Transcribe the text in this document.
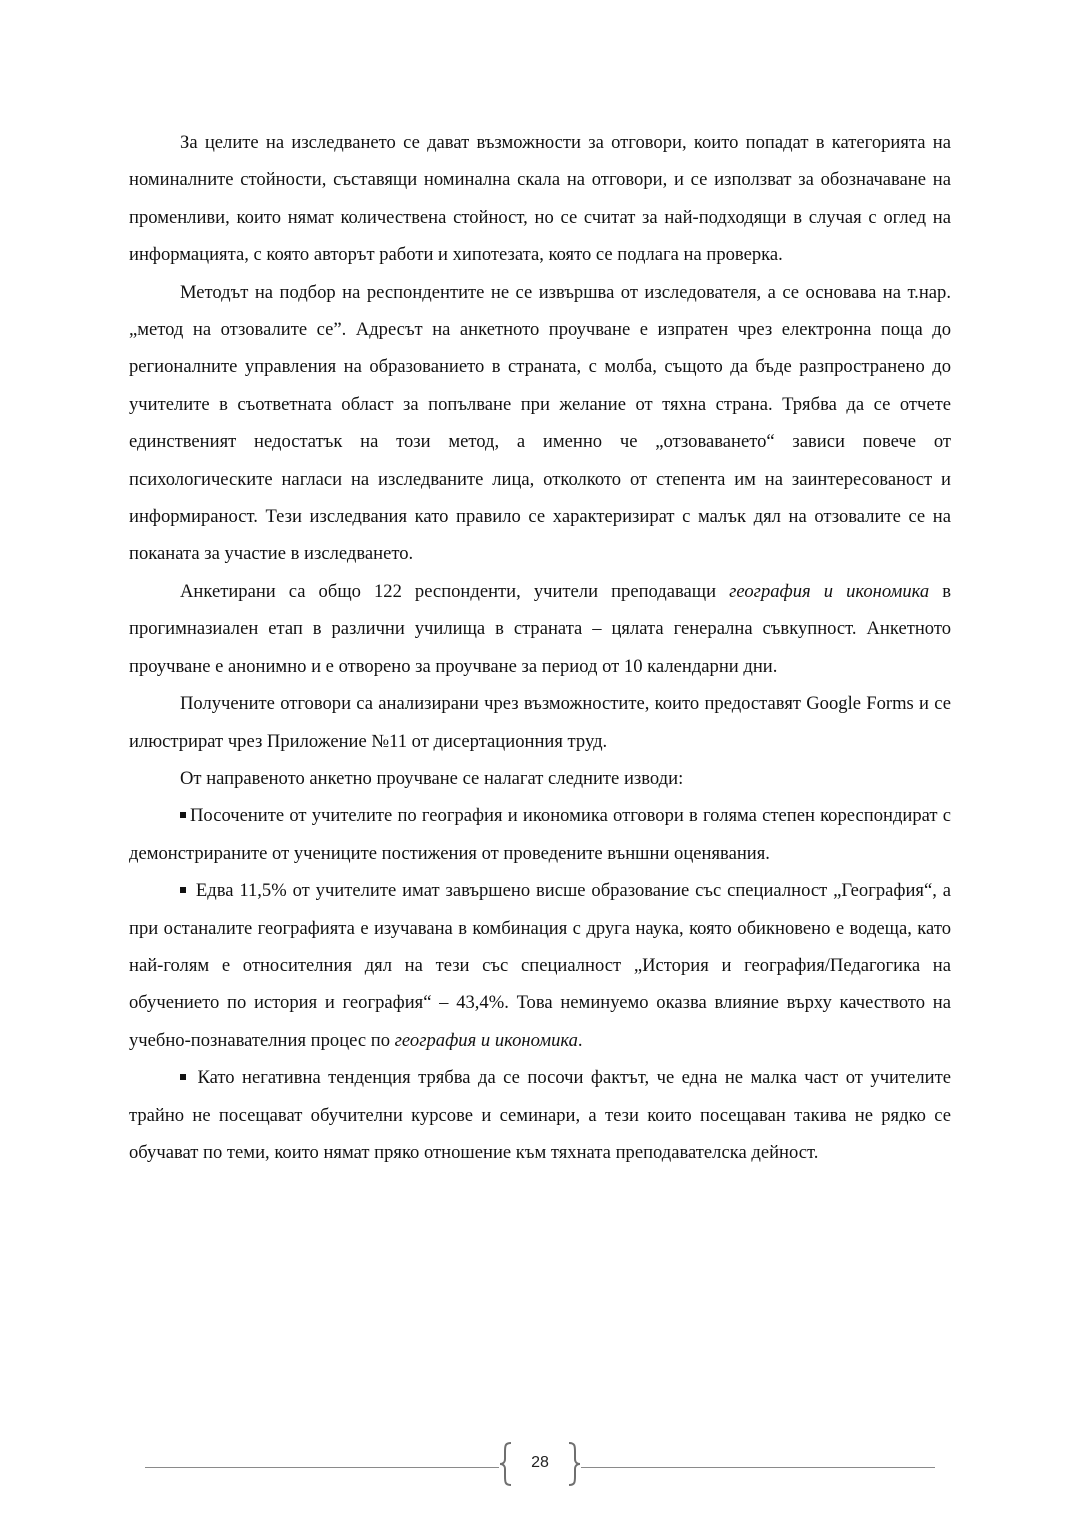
За целите на изследването се дават възможности за отговори, които попадат в категорията на номиналните стойности, съставящи номинална скала на отговори, и се използват за обозначаване на променливи, които нямат количествена стойност, но се считат за най-подходящи в случая с оглед на информацията, с която авторът работи и хипотезата, която се подлага на проверка.

Методът на подбор на респондентите не се извършва от изследователя, а се основава на т.нар. „метод на отзовалите се”. Адресът на анкетното проучване е изпратен чрез електронна поща до регионалните управления на образованието в страната, с молба, същото да бъде разпространено до учителите в съответната област за попълване при желание от тяхна страна. Трябва да се отчете единственият недостатък на този метод, а именно че „отзоваването“ зависи повече от психологическите нагласи на изследваните лица, отколкото от степента им на заинтересованост и информираност. Тези изследвания като правило се характеризират с малък дял на отзовалите се на поканата за участие в изследването.

Анкетирани са общо 122 респонденти, учители преподаващи география и икономика в прогимназиален етап в различни училища в страната – цялата генерална съвкупност. Анкетното проучване е анонимно и е отворено за проучване за период от 10 календарни дни.

Получените отговори са анализирани чрез възможностите, които предоставят Google Forms и се илюстрират чрез Приложение №11 от дисертационния труд.

От направеното анкетно проучване се налагат следните изводи:

Посочените от учителите по география и икономика отговори в голяма степен кореспондират с демонстрираните от учениците постижения от проведените външни оценявания.

Едва 11,5% от учителите имат завършено висше образование със специалност „География“, а при останалите географията е изучавана в комбинация с друга наука, която обикновено е водеща, като най-голям е относителния дял на тези със специалност „История и география/Педагогика на обучението по история и география“ – 43,4%. Това неминуемо оказва влияние върху качеството на учебно-познавателния процес по география и икономика.

Като негативна тенденция трябва да се посочи фактът, че една не малка част от учителите трайно не посещават обучителни курсове и семинари, а тези които посещаван такива не рядко се обучават по теми, които нямат пряко отношение към тяхната преподавателска дейност.

28
